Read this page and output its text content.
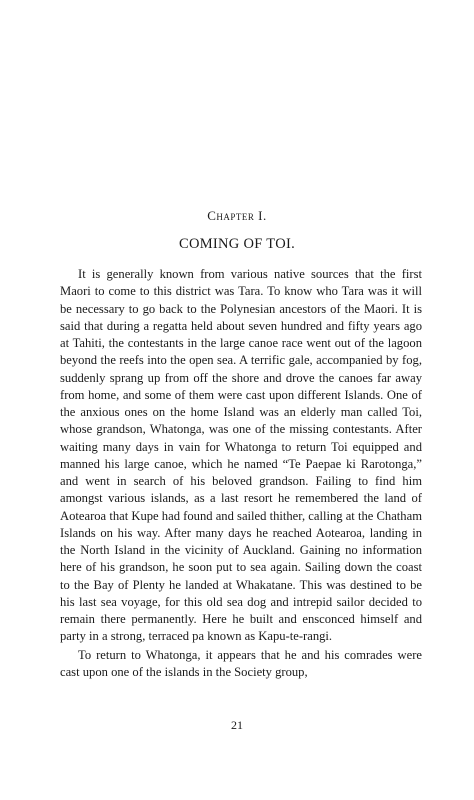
Chapter I.
COMING OF TOI.

It is generally known from various native sources that the first Maori to come to this district was Tara. To know who Tara was it will be necessary to go back to the Polynesian ancestors of the Maori. It is said that during a regatta held about seven hundred and fifty years ago at Tahiti, the contestants in the large canoe race went out of the lagoon beyond the reefs into the open sea. A terrific gale, accompanied by fog, suddenly sprang up from off the shore and drove the canoes far away from home, and some of them were cast upon different Islands. One of the anxious ones on the home Island was an elderly man called Toi, whose grandson, Whatonga, was one of the missing contestants. After waiting many days in vain for Whatonga to return Toi equipped and manned his large canoe, which he named “Te Paepae ki Rarotonga,” and went in search of his beloved grandson. Failing to find him amongst various islands, as a last resort he remembered the land of Aotearoa that Kupe had found and sailed thither, calling at the Chatham Islands on his way. After many days he reached Aotearoa, landing in the North Island in the vicinity of Auckland. Gaining no information here of his grandson, he soon put to sea again. Sailing down the coast to the Bay of Plenty he landed at Whakatane. This was destined to be his last sea voyage, for this old sea dog and intrepid sailor decided to remain there permanently. Here he built and ensconced himself and party in a strong, terraced pa known as Kapu-te-rangi.

To return to Whatonga, it appears that he and his comrades were cast upon one of the islands in the Society group,

21
